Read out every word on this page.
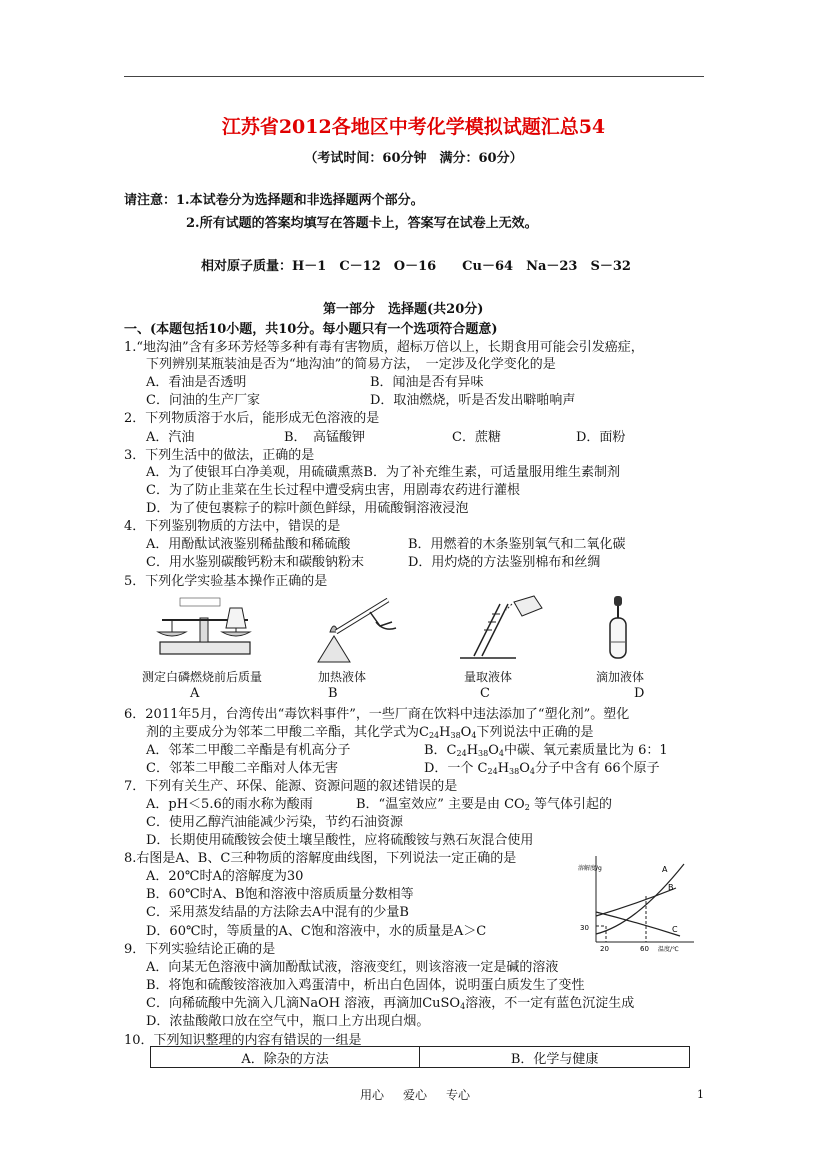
江苏省2012各地区中考化学模拟试题汇总54
（考试时间：60分钟　满分：60分）
请注意：1.本试卷分为选择题和非选择题两个部分。
2.所有试题的答案均填写在答题卡上，答案写在试卷上无效。
相对原子质量：H－1　C－12　O－16　　Cu－64　Na－23　S－32
第一部分　选择题(共20分)
一、(本题包括10小题，共10分。每小题只有一个选项符合题意)
1.“地沟油”含有多环芳烃等多种有毒有害物质，超标万倍以上，长期食用可能会引发癌症，
下列辨别某瓶装油是否为“地沟油”的简易方法，　一定涉及化学变化的是
A．看油是否透明	B．闻油是否有异味
C．问油的生产厂家	D．取油燃烧，听是否发出噼啪响声
2．下列物质溶于水后，能形成无色溶液的是
A．汽油	B．　高锰酸钾	C．蔗糖	D．面粉
3．下列生活中的做法，正确的是
A．为了使银耳白净美观，用硫磺熏蒸B．为了补充维生素，可适量服用维生素制剂
C．为了防止韭菜在生长过程中遭受病虫害，用剧毒农药进行灌根
D．为了使包裹粽子的粽叶颜色鲜绿，用硫酸铜溶液浸泡
4．下列鉴别物质的方法中，错误的是
A．用酚酞试液鉴别稀盐酸和稀硫酸	B．用燃着的木条鉴别氧气和二氧化碳
C．用水鉴别碳酸钙粉末和碳酸钠粉末	D．用灼烧的方法鉴别棉布和丝绸
5．下列化学实验基本操作正确的是
测定白磷燃烧前后质量	加热液体	量取液体	滴加液体
A	B	C	D
6．2011年5月，台湾传出“毒饮料事件”，一些厂商在饮料中违法添加了“塑化剂”。塑化
剂的主要成分为邻苯二甲酸二辛酯，其化学式为$C_{24}H_{38}O_4$下列说法中正确的是
A．邻苯二甲酸二辛酯是有机高分子	B．$C_{24}H_{38}O_4$中碳、氧元素质量比为 6：1
C．邻苯二甲酸二辛酯对人体无害	D．一个 $C_{24}H_{38}O_4$分子中含有 66个原子
7．下列有关生产、环保、能源、资源问题的叙述错误的是
A．pH＜5.6的雨水称为酸雨	B．“温室效应” 主要是由 $CO_2$ 等气体引起的
C．使用乙醇汽油能减少污染，节约石油资源
D．长期使用硫酸铵会使土壤呈酸性，应将硫酸铵与熟石灰混合使用
8.右图是A、B、C三种物质的溶解度曲线图，下列说法一定正确的是
A．20℃时A的溶解度为30
B．60℃时A、B饱和溶液中溶质质量分数相等
C．采用蒸发结晶的方法除去A中混有的少量B
D．60℃时，等质量的A、C饱和溶液中，水的质量是A＞C
溶解度/g
30
20	60 温度/℃
A
B
C
9．下列实验结论正确的是
A．向某无色溶液中滴加酚酞试液，溶液变红，则该溶液一定是碱的溶液
B．将饱和硫酸铵溶液加入鸡蛋清中，析出白色固体，说明蛋白质发生了变性
C．向稀硫酸中先滴入几滴NaOH 溶液，再滴加CuSO$_4$溶液，不一定有蓝色沉淀生成
D．浓盐酸敞口放在空气中，瓶口上方出现白烟。
10．下列知识整理的内容有错误的一组是
A．除杂的方法	B．化学与健康
用心 爱心 专心	1
